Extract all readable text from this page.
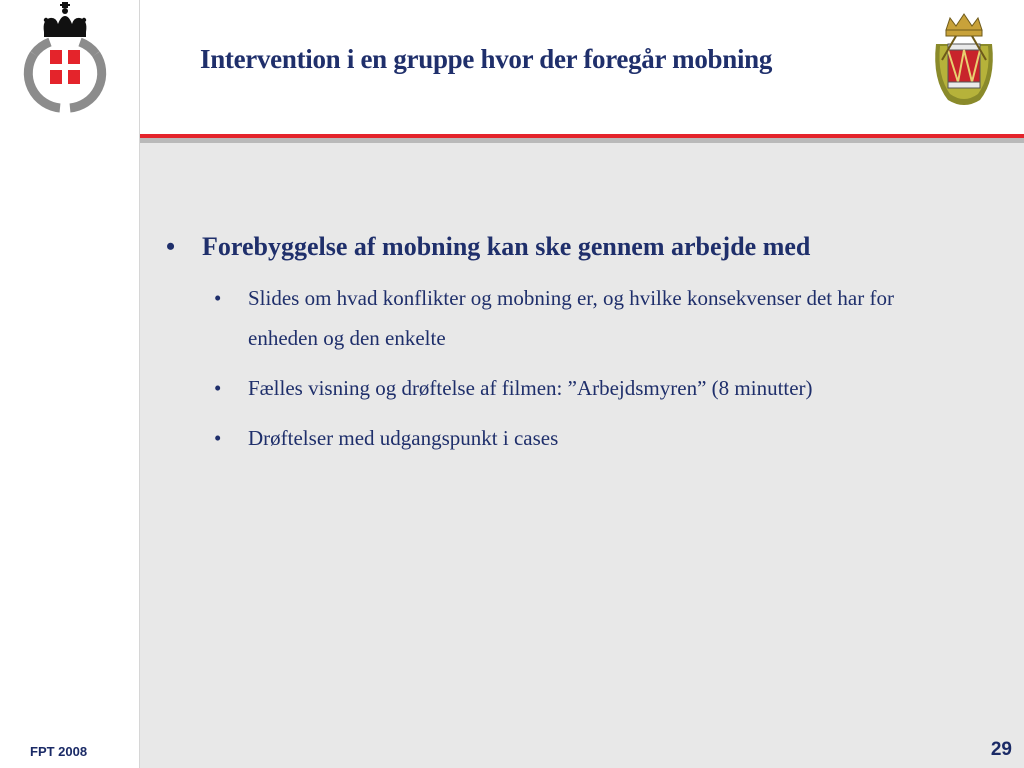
Intervention i en gruppe hvor der foregår mobning
• Forebyggelse af mobning kan ske gennem arbejde med
• Slides om hvad konflikter og mobning er, og hvilke konsekvenser det har for enheden og den enkelte
• Fælles visning og drøftelse af filmen: ”Arbejdsmyren” (8 minutter)
• Drøftelser med udgangspunkt i cases
FPT 2008	29
